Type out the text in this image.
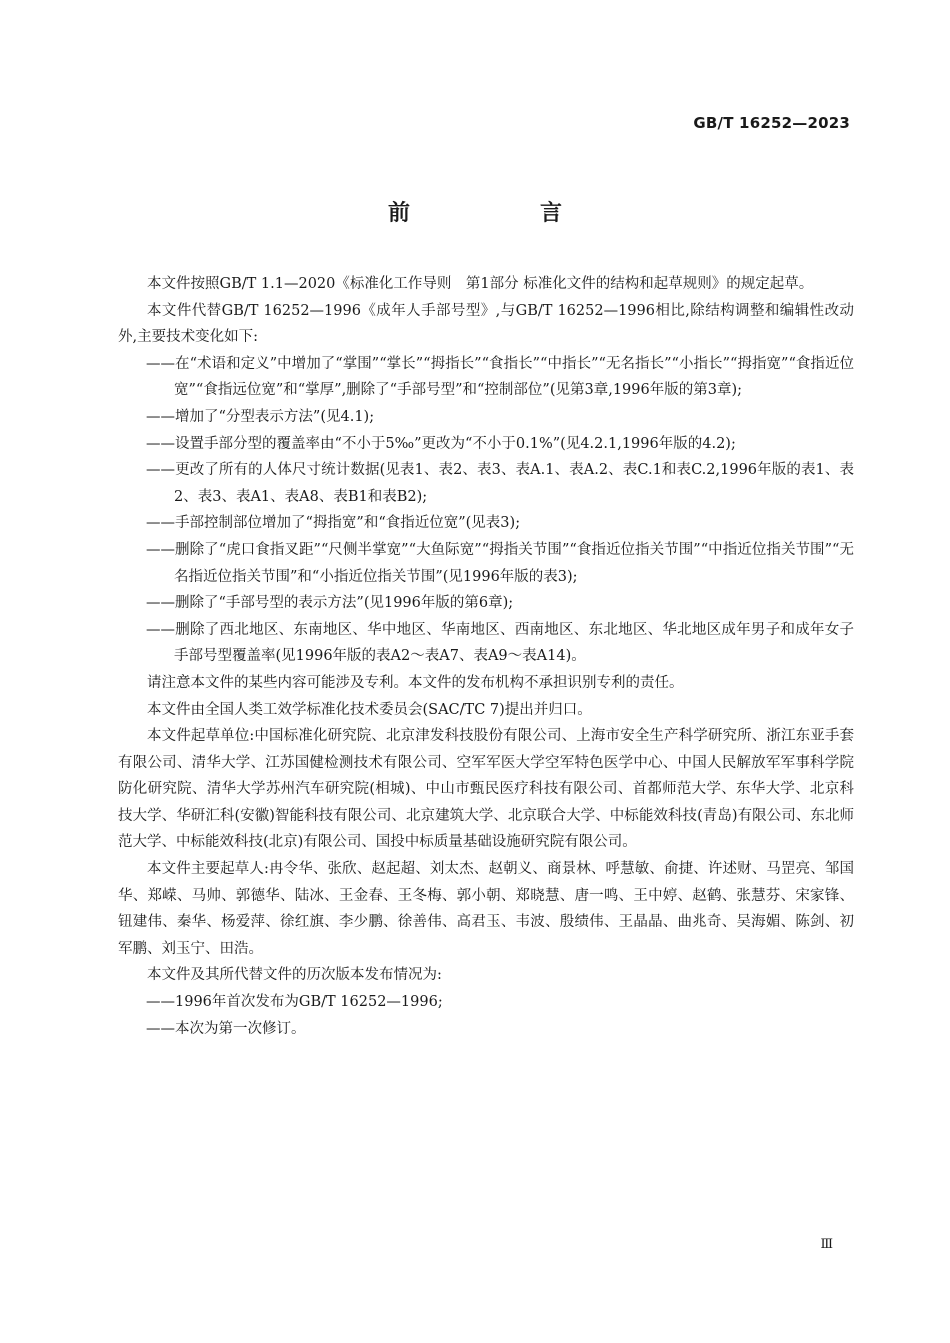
GB/T 16252—2023
前　言

本文件按照GB/T 1.1—2020《标准化工作导则　第1部分 标准化文件的结构和起草规则》的规定起草。

本文件代替GB/T 16252—1996《成年人手部号型》,与GB/T 16252—1996相比,除结构调整和编辑性改动外,主要技术变化如下:

——在“术语和定义”中增加了“掌围”“掌长”“拇指长”“食指长”“中指长”“无名指长”“小指长”“拇指宽”“食指近位宽”“食指远位宽”和“掌厚”,删除了“手部号型”和“控制部位”(见第3章,1996年版的第3章);

——增加了“分型表示方法”(见4.1);

——设置手部分型的覆盖率由“不小于5‰”更改为“不小于0.1%”(见4.2.1,1996年版的4.2);

——更改了所有的人体尺寸统计数据(见表1、表2、表3、表A.1、表A.2、表C.1和表C.2,1996年版的表1、表2、表3、表A1、表A8、表B1和表B2);

——手部控制部位增加了“拇指宽”和“食指近位宽”(见表3);

——删除了“虎口食指叉距”“尺侧半掌宽”“大鱼际宽”“拇指关节围”“食指近位指关节围”“中指近位指关节围”“无名指近位指关节围”和“小指近位指关节围”(见1996年版的表3);

——删除了“手部号型的表示方法”(见1996年版的第6章);

——删除了西北地区、东南地区、华中地区、华南地区、西南地区、东北地区、华北地区成年男子和成年女子手部号型覆盖率(见1996年版的表A2～表A7、表A9～表A14)。

请注意本文件的某些内容可能涉及专利。本文件的发布机构不承担识别专利的责任。

本文件由全国人类工效学标准化技术委员会(SAC/TC 7)提出并归口。

本文件起草单位:中国标准化研究院、北京津发科技股份有限公司、上海市安全生产科学研究所、浙江东亚手套有限公司、清华大学、江苏国健检测技术有限公司、空军军医大学空军特色医学中心、中国人民解放军军事科学院防化研究院、清华大学苏州汽车研究院(相城)、中山市甄民医疗科技有限公司、首都师范大学、东华大学、北京科技大学、华研汇科(安徽)智能科技有限公司、北京建筑大学、北京联合大学、中标能效科技(青岛)有限公司、东北师范大学、中标能效科技(北京)有限公司、国投中标质量基础设施研究院有限公司。

本文件主要起草人:冉令华、张欣、赵起超、刘太杰、赵朝义、商景林、呼慧敏、俞捷、许述财、马罡亮、邹国华、郑嵘、马帅、郭德华、陆冰、王金春、王冬梅、郭小朝、郑晓慧、唐一鸣、王中婷、赵鹤、张慧芬、宋家锋、钮建伟、秦华、杨爱萍、徐红旗、李少鹏、徐善伟、高君玉、韦波、殷绩伟、王晶晶、曲兆奇、吴海媚、陈剑、初军鹏、刘玉宁、田浩。

本文件及其所代替文件的历次版本发布情况为:

——1996年首次发布为GB/T 16252—1996;

——本次为第一次修订。

Ⅲ
